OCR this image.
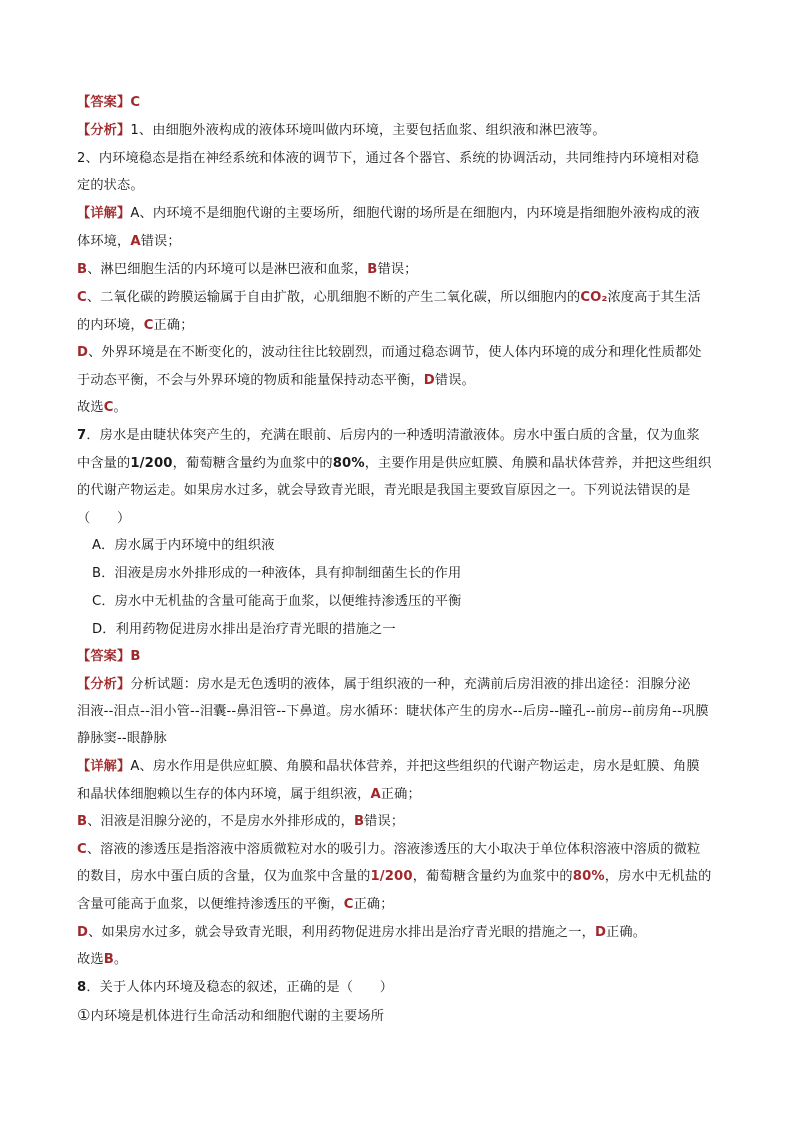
【答案】C
【分析】1、由细胞外液构成的液体环境叫做内环境，主要包括血浆、组织液和淋巴液等。
2、内环境稳态是指在神经系统和体液的调节下，通过各个器官、系统的协调活动，共同维持内环境相对稳
定的状态。
【详解】A、内环境不是细胞代谢的主要场所，细胞代谢的场所是在细胞内，内环境是指细胞外液构成的液
体环境，A错误；
B、淋巴细胞生活的内环境可以是淋巴液和血浆，B错误；
C、二氧化碳的跨膜运输属于自由扩散，心肌细胞不断的产生二氧化碳，所以细胞内的CO₂浓度高于其生活
的内环境，C正确；
D、外界环境是在不断变化的，波动往往比较剧烈，而通过稳态调节，使人体内环境的成分和理化性质都处
于动态平衡，不会与外界环境的物质和能量保持动态平衡，D错误。
故选C。
7．房水是由睫状体突产生的，充满在眼前、后房内的一种透明清澈液体。房水中蛋白质的含量，仅为血浆
中含量的1/200，葡萄糖含量约为血浆中的80%，主要作用是供应虹膜、角膜和晶状体营养，并把这些组织
的代谢产物运走。如果房水过多，就会导致青光眼，青光眼是我国主要致盲原因之一。下列说法错误的是
（　　）
A．房水属于内环境中的组织液
B．泪液是房水外排形成的一种液体，具有抑制细菌生长的作用
C．房水中无机盐的含量可能高于血浆，以便维持渗透压的平衡
D．利用药物促进房水排出是治疗青光眼的措施之一
【答案】B
【分析】分析试题：房水是无色透明的液体，属于组织液的一种，充满前后房泪液的排出途径：泪腺分泌
泪液--泪点--泪小管--泪囊--鼻泪管--下鼻道。房水循环：睫状体产生的房水--后房--瞳孔--前房--前房角--巩膜
静脉窦--眼静脉
【详解】A、房水作用是供应虹膜、角膜和晶状体营养，并把这些组织的代谢产物运走，房水是虹膜、角膜
和晶状体细胞赖以生存的体内环境，属于组织液，A正确；
B、泪液是泪腺分泌的，不是房水外排形成的，B错误；
C、溶液的渗透压是指溶液中溶质微粒对水的吸引力。溶液渗透压的大小取决于单位体积溶液中溶质的微粒
的数目，房水中蛋白质的含量，仅为血浆中含量的1/200，葡萄糖含量约为血浆中的80%，房水中无机盐的
含量可能高于血浆，以便维持渗透压的平衡，C正确；
D、如果房水过多，就会导致青光眼，利用药物促进房水排出是治疗青光眼的措施之一，D正确。
故选B。
8．关于人体内环境及稳态的叙述，正确的是（　　）
①内环境是机体进行生命活动和细胞代谢的主要场所
